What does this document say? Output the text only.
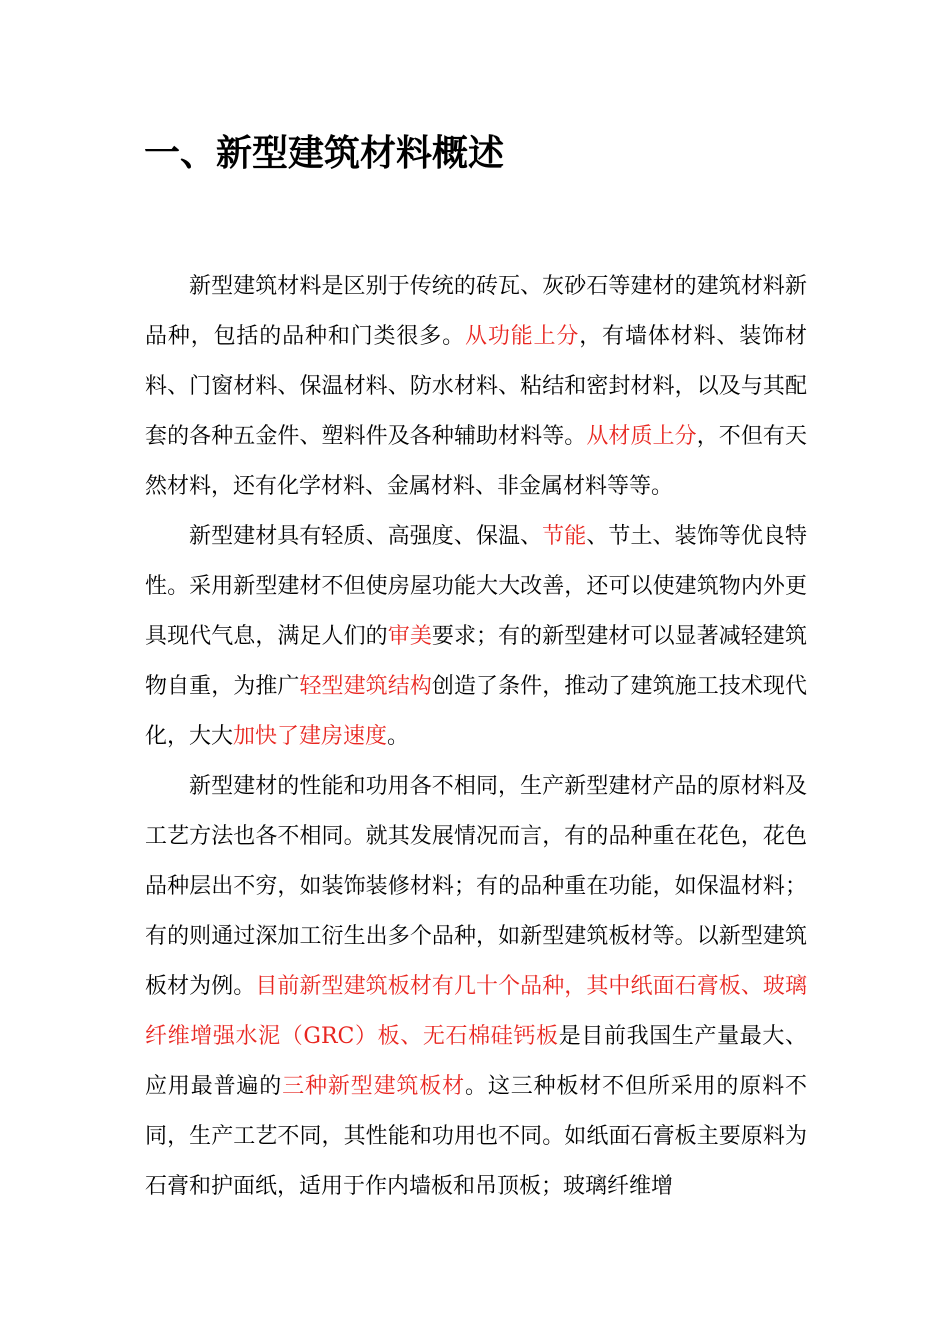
一、新型建筑材料概述

新型建筑材料是区别于传统的砖瓦、灰砂石等建材的建筑材料新品种，包括的品种和门类很多。从功能上分，有墙体材料、装饰材料、门窗材料、保温材料、防水材料、粘结和密封材料，以及与其配套的各种五金件、塑料件及各种辅助材料等。从材质上分，不但有天然材料，还有化学材料、金属材料、非金属材料等等。

新型建材具有轻质、高强度、保温、节能、节土、装饰等优良特性。采用新型建材不但使房屋功能大大改善，还可以使建筑物内外更具现代气息，满足人们的审美要求；有的新型建材可以显著减轻建筑物自重，为推广轻型建筑结构创造了条件，推动了建筑施工技术现代化，大大加快了建房速度。

新型建材的性能和功用各不相同，生产新型建材产品的原材料及工艺方法也各不相同。就其发展情况而言，有的品种重在花色，花色品种层出不穷，如装饰装修材料；有的品种重在功能，如保温材料；有的则通过深加工衍生出多个品种，如新型建筑板材等。以新型建筑板材为例。目前新型建筑板材有几十个品种，其中纸面石膏板、玻璃纤维增强水泥（GRC）板、无石棉硅钙板是目前我国生产量最大、应用最普遍的三种新型建筑板材。这三种板材不但所采用的原料不同，生产工艺不同，其性能和功用也不同。如纸面石膏板主要原料为石膏和护面纸，适用于作内墙板和吊顶板；玻璃纤维增
